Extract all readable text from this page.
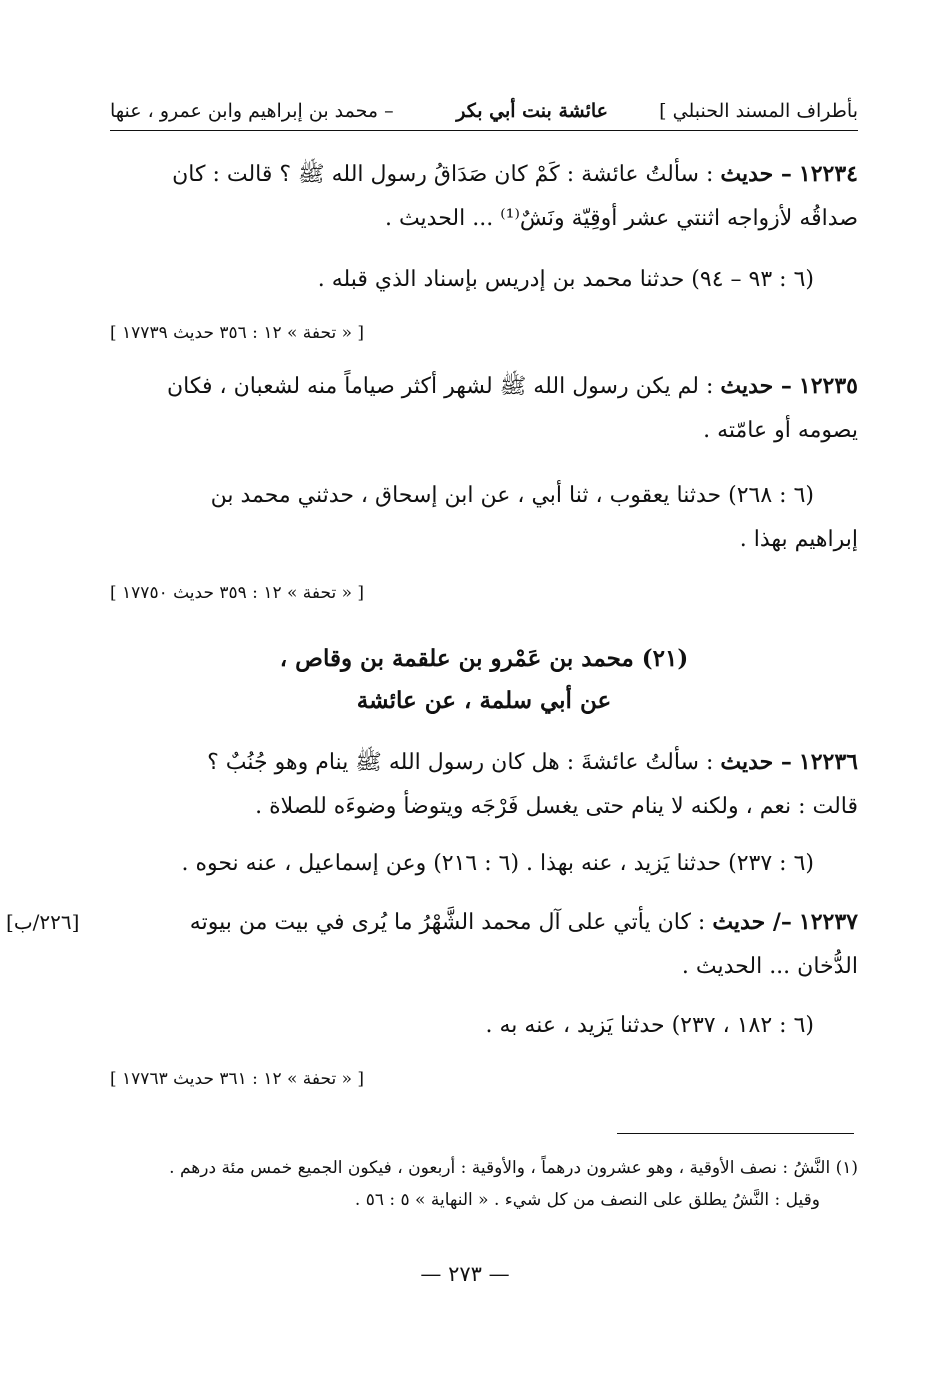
بأطراف المسند الحنبلي ]
عائشة بنت أبي بكر
– محمد بن إبراهيم وابن عمرو ، عنها
١٢٢٣٤ – حديث : سألتُ عائشة : كَمْ كان صَدَاقُ رسول الله ﷺ ؟ قالت : كان
صداقُه لأزواجه اثنتي عشر أوقِيّة ونَشٌ⁽¹⁾ ... الحديث .
(٦ : ٩٣ – ٩٤) حدثنا محمد بن إدريس بإسناد الذي قبله .
[ « تحفة » ١٢ : ٣٥٦ حديث ١٧٧٣٩ ]
١٢٢٣٥ – حديث : لم يكن رسول الله ﷺ لشهر أكثر صياماً منه لشعبان ، فكان
يصومه أو عامّته .
(٦ : ٢٦٨) حدثنا يعقوب ، ثنا أبي ، عن ابن إسحاق ، حدثني محمد بن
إبراهيم بهذا .
[ « تحفة » ١٢ : ٣٥٩ حديث ١٧٧٥٠ ]
(٢١) محمد بن عَمْرو بن علقمة بن وقاص ،
عن أبي سلمة ، عن عائشة
١٢٢٣٦ – حديث : سألتُ عائشةَ : هل كان رسول الله ﷺ ينام وهو جُنُبٌ ؟
قالت : نعم ، ولكنه لا ينام حتى يغسل فَرْجَه ويتوضأ وضوءَه للصلاة .
(٦ : ٢٣٧) حدثنا يَزيد ، عنه بهذا . (٦ : ٢١٦) وعن إسماعيل ، عنه نحوه .
[٢٢٦/ب]	١٢٢٣٧ –/ حديث : كان يأتي على آل محمد الشَّهْرُ ما يُرى في بيت من بيوته
الدُّخان ... الحديث .
(٦ : ١٨٢ ، ٢٣٧) حدثنا يَزيد ، عنه به .
[ « تحفة » ١٢ : ٣٦١ حديث ١٧٧٦٣ ]
(١) النَّشُ : نصف الأوقية ، وهو عشرون درهماً ، والأوقية : أربعون ، فيكون الجميع خمس مئة درهم .
وقيل : النَّشُ يطلق على النصف من كل شيء . « النهاية » ٥ : ٥٦ .
— ٢٧٣ —
